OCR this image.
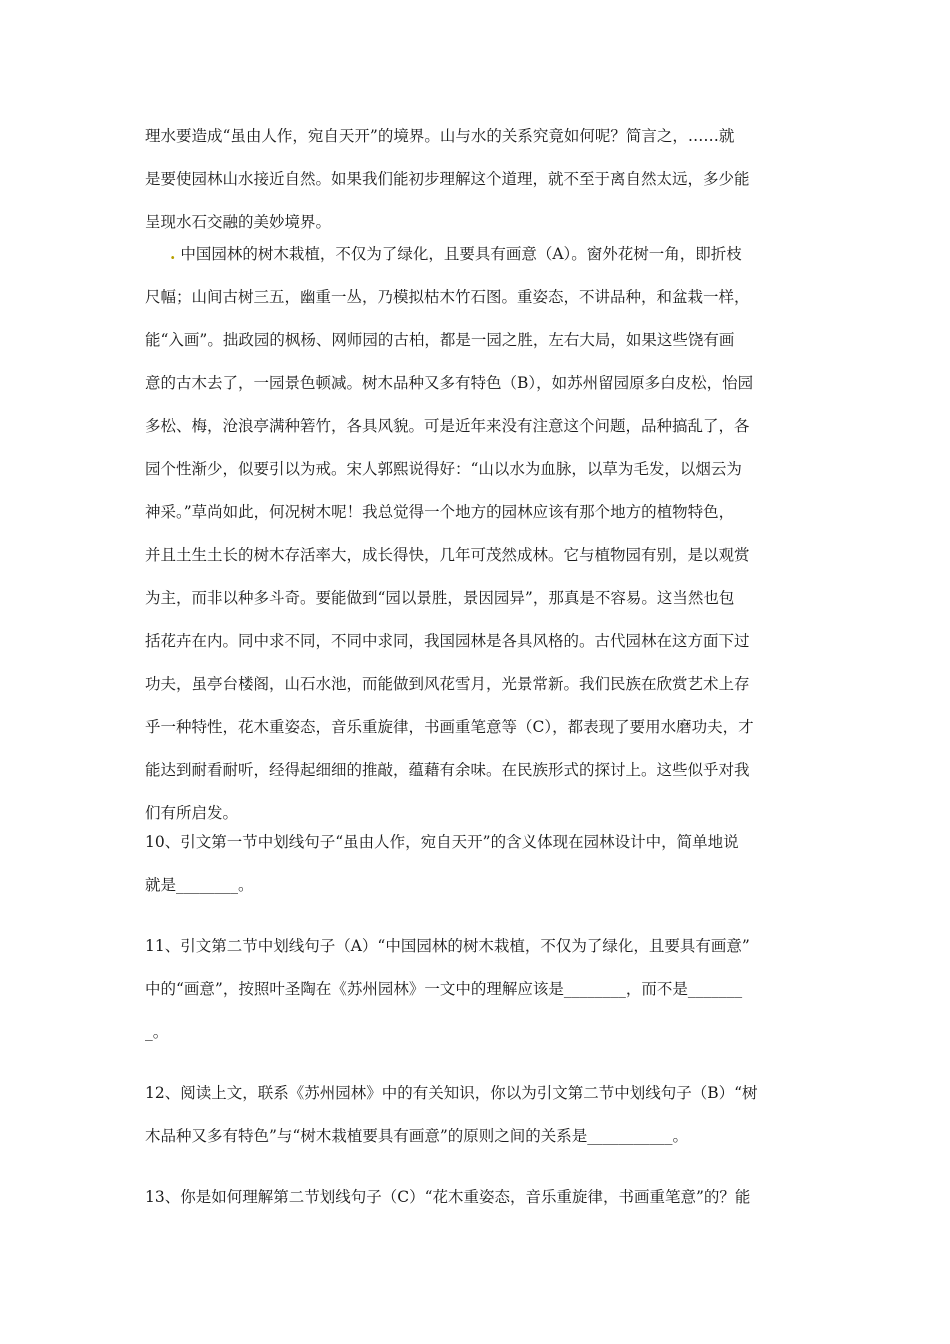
理水要造成“虽由人作，宛自天开”的境界。山与水的关系究竟如何呢？简言之，……就
是要使园林山水接近自然。如果我们能初步理解这个道理，就不至于离自然太远，多少能
呈现水石交融的美妙境界。
. 中国园林的树木栽植，不仅为了绿化，且要具有画意（A）。窗外花树一角，即折枝
尺幅；山间古树三五，幽重一丛，乃模拟枯木竹石图。重姿态，不讲品种，和盆栽一样，
能“入画”。拙政园的枫杨、网师园的古柏，都是一园之胜，左右大局，如果这些饶有画
意的古木去了，一园景色顿减。树木品种又多有特色（B），如苏州留园原多白皮松，怡园
多松、梅，沧浪亭满种箬竹，各具风貌。可是近年来没有注意这个问题，品种搞乱了，各
园个性渐少，似要引以为戒。宋人郭熙说得好：“山以水为血脉，以草为毛发，以烟云为
神采。”草尚如此，何况树木呢！我总觉得一个地方的园林应该有那个地方的植物特色，
并且土生土长的树木存活率大，成长得快，几年可茂然成林。它与植物园有别，是以观赏
为主，而非以种多斗奇。要能做到“园以景胜，景因园异”，那真是不容易。这当然也包
括花卉在内。同中求不同，不同中求同，我国园林是各具风格的。古代园林在这方面下过
功夫，虽亭台楼阁，山石水池，而能做到风花雪月，光景常新。我们民族在欣赏艺术上存
乎一种特性，花木重姿态，音乐重旋律，书画重笔意等（C），都表现了要用水磨功夫，才
能达到耐看耐听，经得起细细的推敲，蕴藉有余味。在民族形式的探讨上。这些似乎对我
们有所启发。
10、引文第一节中划线句子“虽由人作，宛自天开”的含义体现在园林设计中，简单地说
就是________。
11、引文第二节中划线句子（A）“中国园林的树木栽植，不仅为了绿化，且要具有画意”
中的“画意”，按照叶圣陶在《苏州园林》一文中的理解应该是________，而不是_______
_。
12、阅读上文，联系《苏州园林》中的有关知识，你以为引文第二节中划线句子（B）“树
木品种又多有特色”与“树木栽植要具有画意”的原则之间的关系是___________。
13、你是如何理解第二节划线句子（C）“花木重姿态，音乐重旋律，书画重笔意”的？能
